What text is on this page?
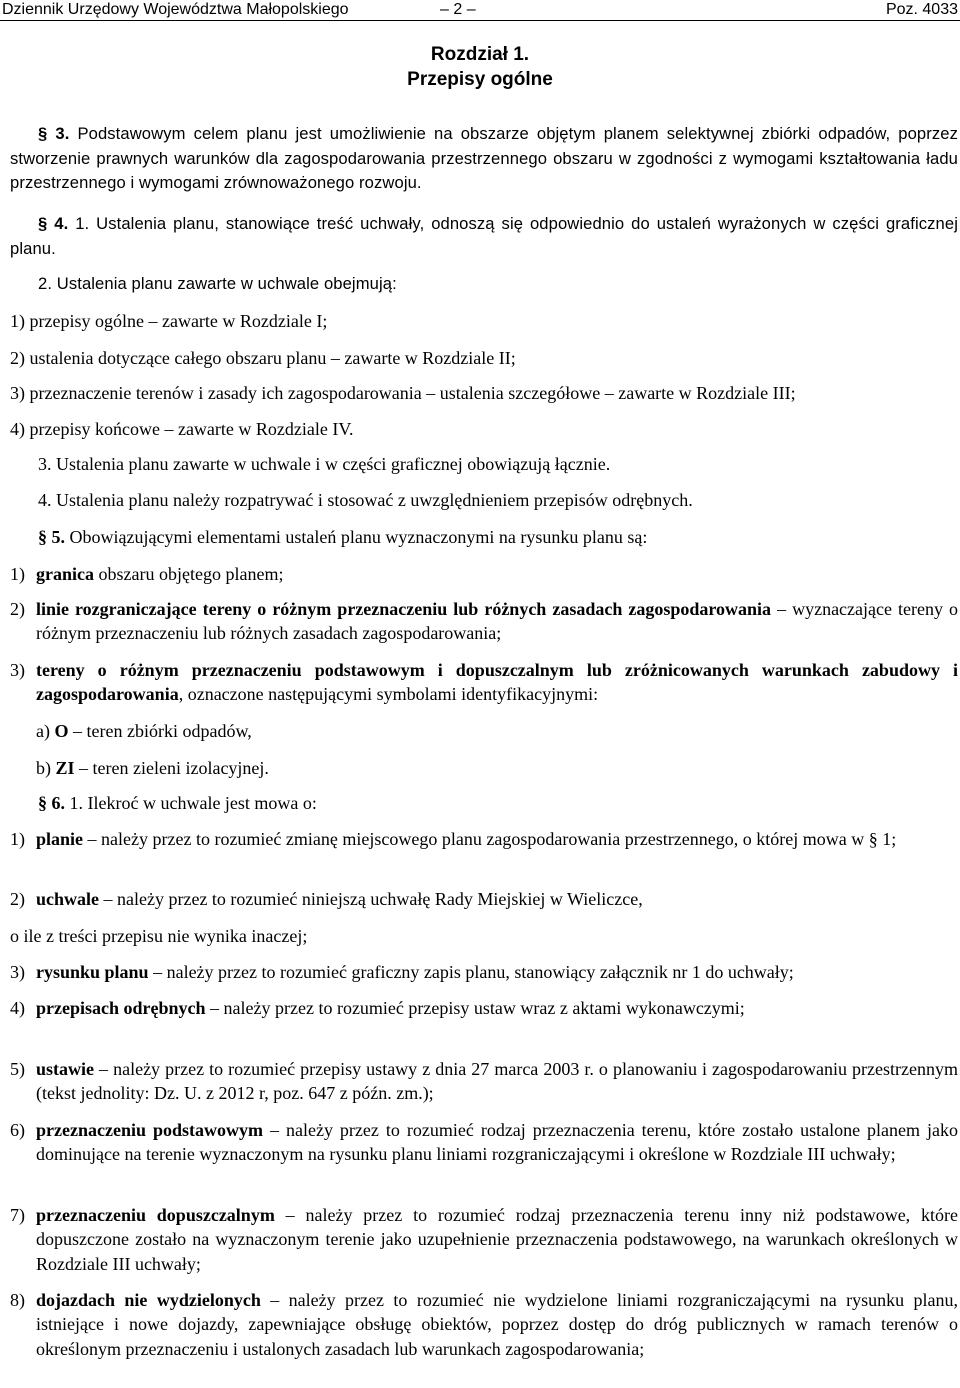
Dziennik Urzędowy Województwa Małopolskiego	– 2 –	Poz. 4033
Rozdział 1.
Przepisy ogólne
§ 3. Podstawowym celem planu jest umożliwienie na obszarze objętym planem selektywnej zbiórki odpadów, poprzez stworzenie prawnych warunków dla zagospodarowania przestrzennego obszaru w zgodności z wymogami kształtowania ładu przestrzennego i wymogami zrównoważonego rozwoju.
§ 4. 1. Ustalenia planu, stanowiące treść uchwały, odnoszą się odpowiednio do ustaleń wyrażonych w części graficznej planu.
2. Ustalenia planu zawarte w uchwale obejmują:
1) przepisy ogólne – zawarte w Rozdziale I;
2) ustalenia dotyczące całego obszaru planu – zawarte w Rozdziale II;
3) przeznaczenie terenów i zasady ich zagospodarowania – ustalenia szczegółowe – zawarte w Rozdziale III;
4) przepisy końcowe – zawarte w Rozdziale IV.
3. Ustalenia planu zawarte w uchwale i w części graficznej obowiązują łącznie.
4. Ustalenia planu należy rozpatrywać i stosować z uwzględnieniem przepisów odrębnych.
§ 5. Obowiązującymi elementami ustaleń planu wyznaczonymi na rysunku planu są:
1) granica obszaru objętego planem;
2) linie rozgraniczające tereny o różnym przeznaczeniu lub różnych zasadach zagospodarowania – wyznaczające tereny o różnym przeznaczeniu lub różnych zasadach zagospodarowania;
3) tereny o różnym przeznaczeniu podstawowym i dopuszczalnym lub zróżnicowanych warunkach zabudowy i zagospodarowania, oznaczone następującymi symbolami identyfikacyjnymi:
a) O – teren zbiórki odpadów,
b) ZI – teren zieleni izolacyjnej.
§ 6. 1. Ilekroć w uchwale jest mowa o:
1) planie – należy przez to rozumieć zmianę miejscowego planu zagospodarowania przestrzennego, o której mowa w § 1;
2) uchwale – należy przez to rozumieć niniejszą uchwałę Rady Miejskiej w Wieliczce,
o ile z treści przepisu nie wynika inaczej;
3) rysunku planu – należy przez to rozumieć graficzny zapis planu, stanowiący załącznik nr 1 do uchwały;
4) przepisach odrębnych – należy przez to rozumieć przepisy ustaw wraz z aktami wykonawczymi;
5) ustawie – należy przez to rozumieć przepisy ustawy z dnia 27 marca 2003 r. o planowaniu i zagospodarowaniu przestrzennym (tekst jednolity: Dz. U. z 2012 r, poz. 647 z późn. zm.);
6) przeznaczeniu podstawowym – należy przez to rozumieć rodzaj przeznaczenia terenu, które zostało ustalone planem jako dominujące na terenie wyznaczonym na rysunku planu liniami rozgraniczającymi i określone w Rozdziale III uchwały;
7) przeznaczeniu dopuszczalnym – należy przez to rozumieć rodzaj przeznaczenia terenu inny niż podstawowe, które dopuszczone zostało na wyznaczonym terenie jako uzupełnienie przeznaczenia podstawowego, na warunkach określonych w Rozdziale III uchwały;
8) dojazdach nie wydzielonych – należy przez to rozumieć nie wydzielone liniami rozgraniczającymi na rysunku planu, istniejące i nowe dojazdy, zapewniające obsługę obiektów, poprzez dostęp do dróg publicznych w ramach terenów o określonym przeznaczeniu i ustalonych zasadach lub warunkach zagospodarowania;
